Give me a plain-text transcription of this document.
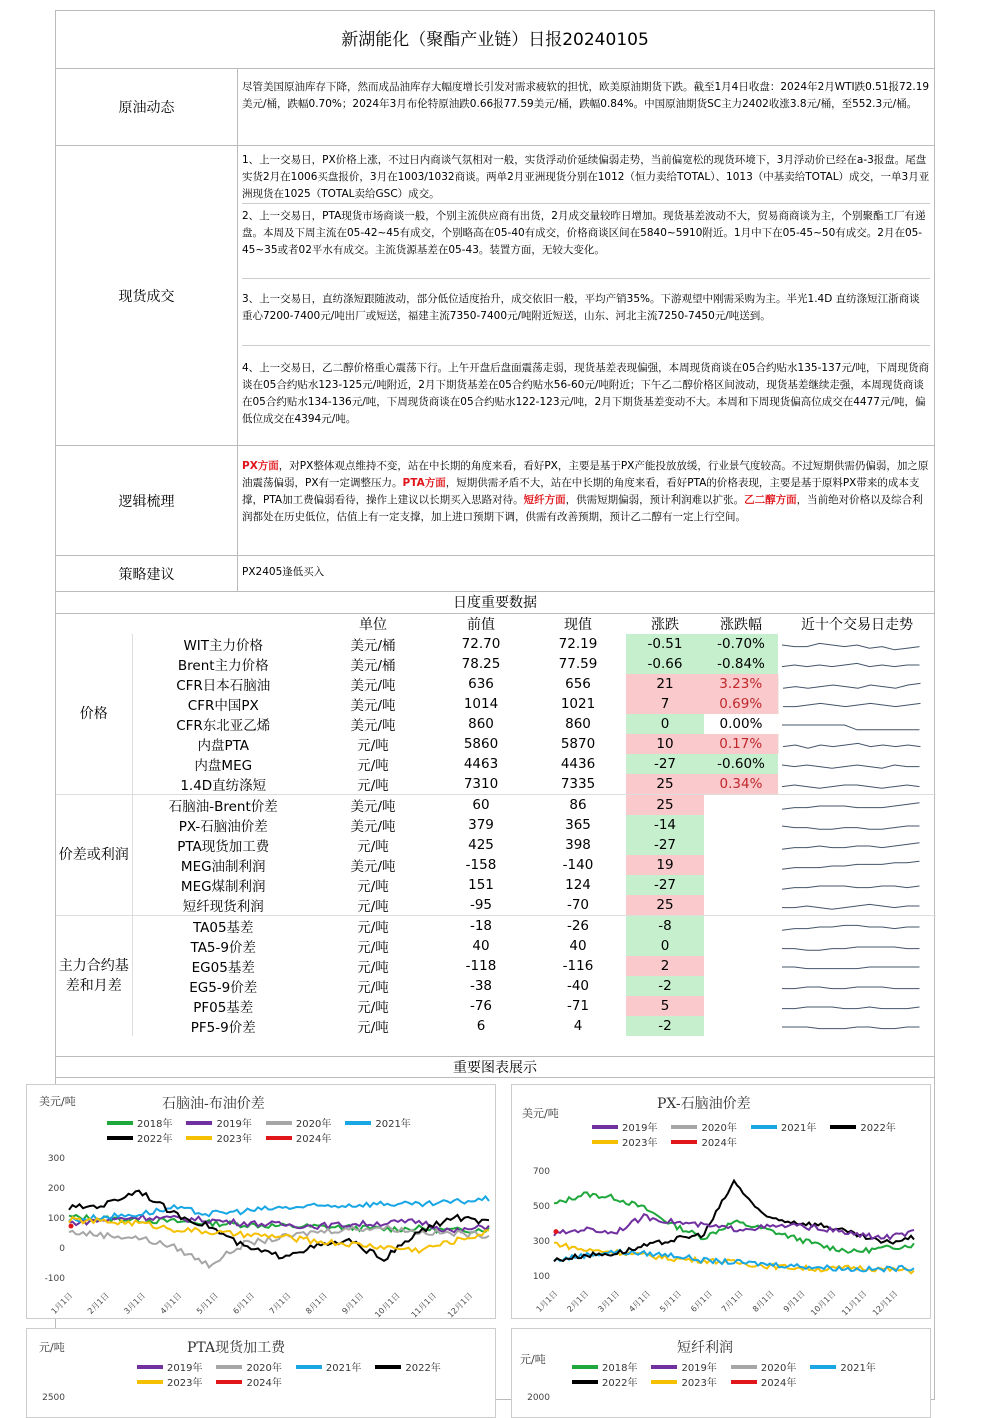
新湖能化（聚酯产业链）日报20240105
原油动态
尽管美国原油库存下降，然而成品油库存大幅度增长引发对需求疲软的担忧，欧美原油期货下跌。截至1月4日收盘：2024年2月WTI跌0.51报72.19美元/桶，跌幅0.70%；2024年3月布伦特原油跌0.66报77.59美元/桶，跌幅0.84%。中国原油期货SC主力2402收涨3.8元/桶，至552.3元/桶。
现货成交
1、上一交易日，PX价格上涨，不过日内商谈气氛相对一般，实货浮动价延续偏弱走势，当前偏宽松的现货环境下，3月浮动价已经在a-3报盘。尾盘实货2月在1006买盘报价，3月在1003/1032商谈。两单2月亚洲现货分别在1012（恒力卖给TOTAL）、1013（中基卖给TOTAL）成交，一单3月亚洲现货在1025（TOTAL卖给GSC）成交。
2、上一交易日，PTA现货市场商谈一般，个别主流供应商有出货，2月成交量较昨日增加。现货基差波动不大，贸易商商谈为主，个别聚酯工厂有递盘。本周及下周主流在05-42~45有成交，个别略高在05-40有成交，价格商谈区间在5840~5910附近。1月中下在05-45~50有成交。2月在05-45~35或者02平水有成交。主流货源基差在05-43。装置方面，无较大变化。
3、上一交易日，直纺涤短跟随波动，部分低位适度抬升，成交依旧一般，平均产销35%。下游观望中刚需采购为主。半光1.4D 直纺涤短江浙商谈重心7200-7400元/吨出厂或短送，福建主流7350-7400元/吨附近短送，山东、河北主流7250-7450元/吨送到。
4、上一交易日，乙二醇价格重心震荡下行。上午开盘后盘面震荡走弱，现货基差表现偏强，本周现货商谈在05合约贴水135-137元/吨，下周现货商谈在05合约贴水123-125元/吨附近，2月下期货基差在05合约贴水56-60元/吨附近；下午乙二醇价格区间波动，现货基差继续走强，本周现货商谈在05合约贴水134-136元/吨，下周现货商谈在05合约贴水122-123元/吨，2月下期货基差变动不大。本周和下周现货偏高位成交在4477元/吨，偏低位成交在4394元/吨。
逻辑梳理
PX方面，对PX整体观点维持不变，站在中长期的角度来看，看好PX，主要是基于PX产能投放放缓，行业景气度较高。不过短期供需仍偏弱，加之原油震荡偏弱，PX有一定调整压力。PTA方面，短期供需矛盾不大，站在中长期的角度来看，看好PTA的价格表现，主要是基于原料PX带来的成本支撑，PTA加工费偏弱看待，操作上建议以长期买入思路对待。短纤方面，供需短期偏弱，预计利润难以扩张。乙二醇方面，当前绝对价格以及综合利润都处在历史低位，估值上有一定支撑，加上进口预期下调，供需有改善预期，预计乙二醇有一定上行空间。
策略建议	PX2405逢低买入
日度重要数据
		单位	前值	现值	涨跌	涨跌幅	近十个交易日走势
价格	WIT主力价格	美元/桶	72.70	72.19	-0.51	-0.70%	

	Brent主力价格	美元/桶	78.25	77.59	-0.66	-0.84%	

	CFR日本石脑油	美元/吨	636	656	21	3.23%	

	CFR中国PX	美元/吨	1014	1021	7	0.69%	

	CFR东北亚乙烯	美元/吨	860	860	0	0.00%	

	内盘PTA	元/吨	5860	5870	10	0.17%	

	内盘MEG	元/吨	4463	4436	-27	-0.60%	

	1.4D直纺涤短	元/吨	7310	7335	25	0.34%	

价差或利润	石脑油-Brent价差	美元/吨	60	86	25		

	PX-石脑油价差	美元/吨	379	365	-14		

	PTA现货加工费	元/吨	425	398	-27		

	MEG油制利润	美元/吨	-158	-140	19		

	MEG煤制利润	元/吨	151	124	-27		

	短纤现货利润	元/吨	-95	-70	25		

主力合约基差和月差	TA05基差	元/吨	-18	-26	-8		

	TA5-9价差	元/吨	40	40	0		

	EG05基差	元/吨	-118	-116	2		

	EG5-9价差	元/吨	-38	-40	-2		

	PF05基差	元/吨	-76	-71	5		

	PF5-9价差	元/吨	6	4	-2		
重要图表展示
石脑油-布油价差
美元/吨
2018年	2019年	2020年	2021年
2022年	2023年	2024年
300
200
100
0
-100
1月1日 2月1日 3月1日 4月1日 5月1日 6月1日 7月1日 8月1日 9月1日 10月1日 11月1日 12月1日
PX-石脑油价差
美元/吨
2019年	2020年	2021年	2022年
2023年	2024年
700
500
300
100
1月1日 2月1日 3月1日 4月1日 5月1日 6月1日 7月1日 8月1日 9月1日 10月1日 11月1日 12月1日
PTA现货加工费
元/吨
2019年	2020年	2021年	2022年
2023年	2024年
2500
短纤利润
元/吨
2018年	2019年	2020年	2021年
2022年	2023年	2024年
2000
